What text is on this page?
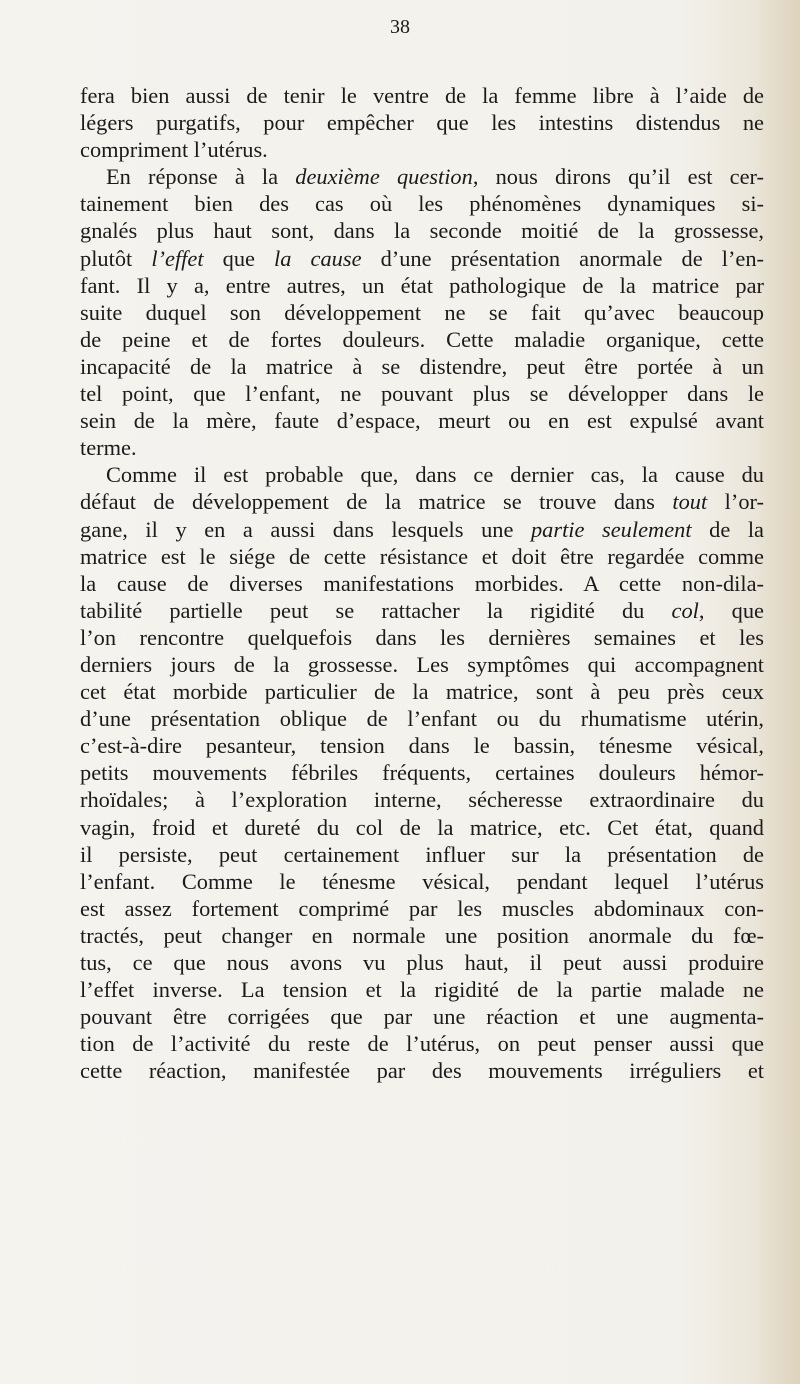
38
fera bien aussi de tenir le ventre de la femme libre à l’aide de
légers purgatifs, pour empêcher que les intestins distendus ne
compriment l’utérus.
En réponse à la deuxième question, nous dirons qu’il est cer-
tainement bien des cas où les phénomènes dynamiques si-
gnalés plus haut sont, dans la seconde moitié de la grossesse,
plutôt l’effet que la cause d’une présentation anormale de l’en-
fant. Il y a, entre autres, un état pathologique de la matrice par
suite duquel son développement ne se fait qu’avec beaucoup
de peine et de fortes douleurs. Cette maladie organique, cette
incapacité de la matrice à se distendre, peut être portée à un
tel point, que l’enfant, ne pouvant plus se développer dans le
sein de la mère, faute d’espace, meurt ou en est expulsé avant
terme.
Comme il est probable que, dans ce dernier cas, la cause du
défaut de développement de la matrice se trouve dans tout l’or-
gane, il y en a aussi dans lesquels une partie seulement de la
matrice est le siége de cette résistance et doit être regardée comme
la cause de diverses manifestations morbides. A cette non-dila-
tabilité partielle peut se rattacher la rigidité du col, que
l’on rencontre quelquefois dans les dernières semaines et les
derniers jours de la grossesse. Les symptômes qui accompagnent
cet état morbide particulier de la matrice, sont à peu près ceux
d’une présentation oblique de l’enfant ou du rhumatisme utérin,
c’est-à-dire pesanteur, tension dans le bassin, ténesme vésical,
petits mouvements fébriles fréquents, certaines douleurs hémor-
rhoïdales; à l’exploration interne, sécheresse extraordinaire du
vagin, froid et dureté du col de la matrice, etc. Cet état, quand
il persiste, peut certainement influer sur la présentation de
l’enfant. Comme le ténesme vésical, pendant lequel l’utérus
est assez fortement comprimé par les muscles abdominaux con-
tractés, peut changer en normale une position anormale du fœ-
tus, ce que nous avons vu plus haut, il peut aussi produire
l’effet inverse. La tension et la rigidité de la partie malade ne
pouvant être corrigées que par une réaction et une augmenta-
tion de l’activité du reste de l’utérus, on peut penser aussi que
cette réaction, manifestée par des mouvements irréguliers et
